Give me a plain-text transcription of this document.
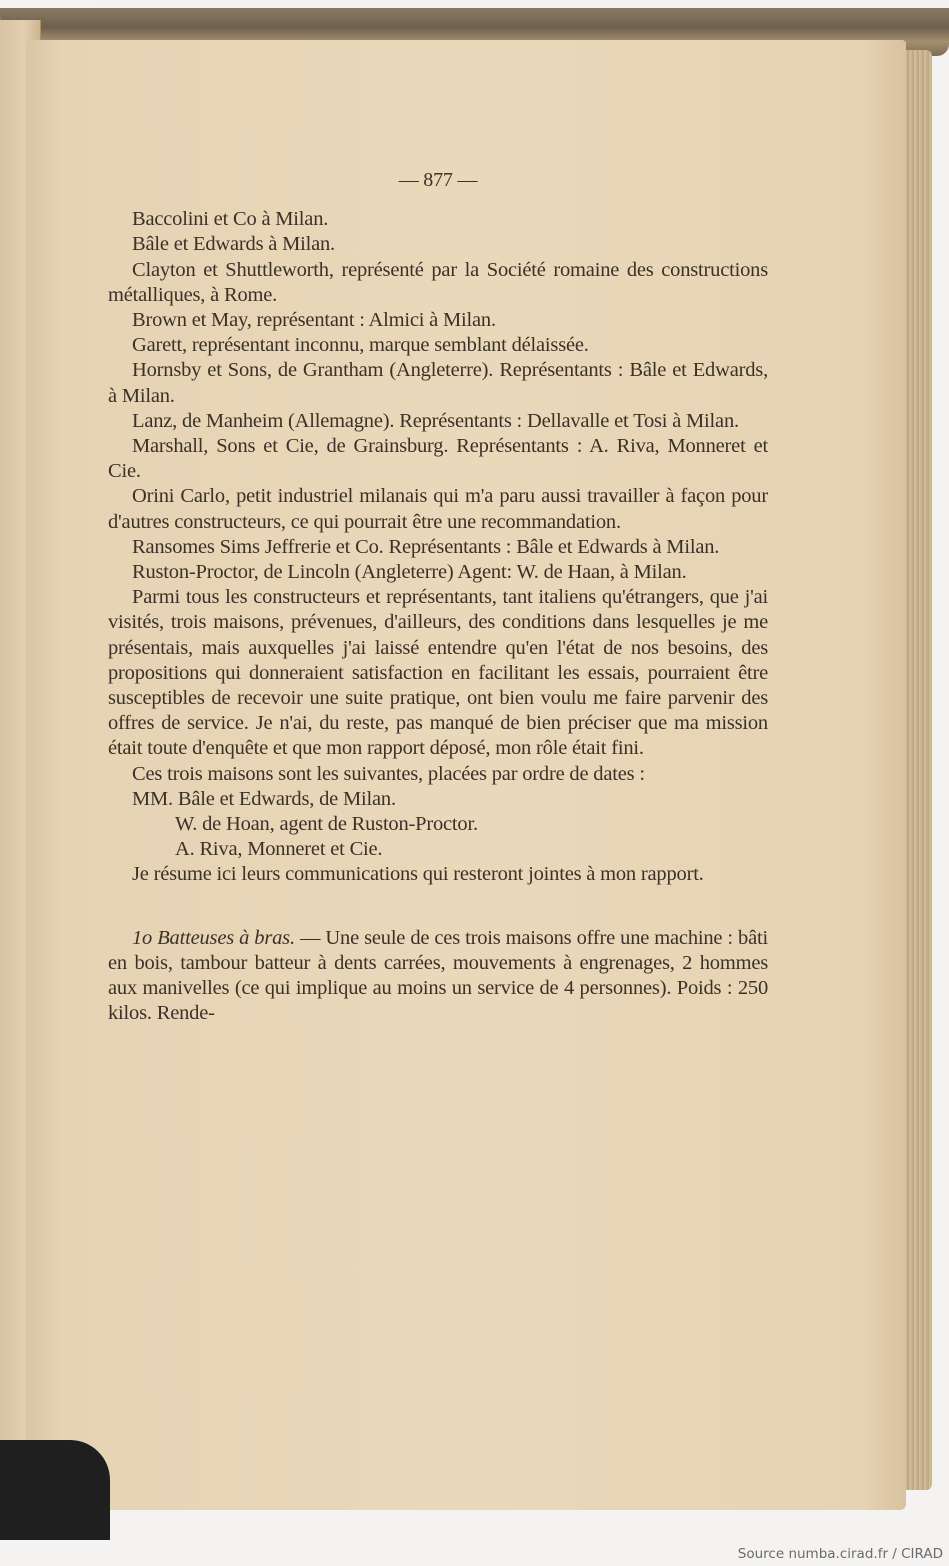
— 877 —

Baccolini et Co à Milan.

Bâle et Edwards à Milan.

Clayton et Shuttleworth, représenté par la Société romaine des constructions métalliques, à Rome.

Brown et May, représentant : Almici à Milan.

Garett, représentant inconnu, marque semblant délaissée.

Hornsby et Sons, de Grantham (Angleterre). Représentants : Bâle et Edwards, à Milan.

Lanz, de Manheim (Allemagne). Représentants : Dellavalle et Tosi à Milan.

Marshall, Sons et Cie, de Grainsburg. Représentants : A. Riva, Monneret et Cie.

Orini Carlo, petit industriel milanais qui m'a paru aussi travailler à façon pour d'autres constructeurs, ce qui pourrait être une recommandation.

Ransomes Sims Jeffrerie et Co. Représentants : Bâle et Edwards à Milan.

Ruston-Proctor, de Lincoln (Angleterre) Agent: W. de Haan, à Milan.

Parmi tous les constructeurs et représentants, tant italiens qu'étrangers, que j'ai visités, trois maisons, prévenues, d'ailleurs, des conditions dans lesquelles je me présentais, mais auxquelles j'ai laissé entendre qu'en l'état de nos besoins, des propositions qui donneraient satisfaction en facilitant les essais, pourraient être susceptibles de recevoir une suite pratique, ont bien voulu me faire parvenir des offres de service. Je n'ai, du reste, pas manqué de bien préciser que ma mission était toute d'enquête et que mon rapport déposé, mon rôle était fini.

Ces trois maisons sont les suivantes, placées par ordre de dates :

MM. Bâle et Edwards, de Milan.

W. de Hoan, agent de Ruston-Proctor.

A. Riva, Monneret et Cie.

Je résume ici leurs communications qui resteront jointes à mon rapport.

1o Batteuses à bras. — Une seule de ces trois maisons offre une machine : bâti en bois, tambour batteur à dents carrées, mouvements à engrenages, 2 hommes aux manivelles (ce qui implique au moins un service de 4 personnes). Poids : 250 kilos. Rende-

Source numba.cirad.fr / CIRAD
